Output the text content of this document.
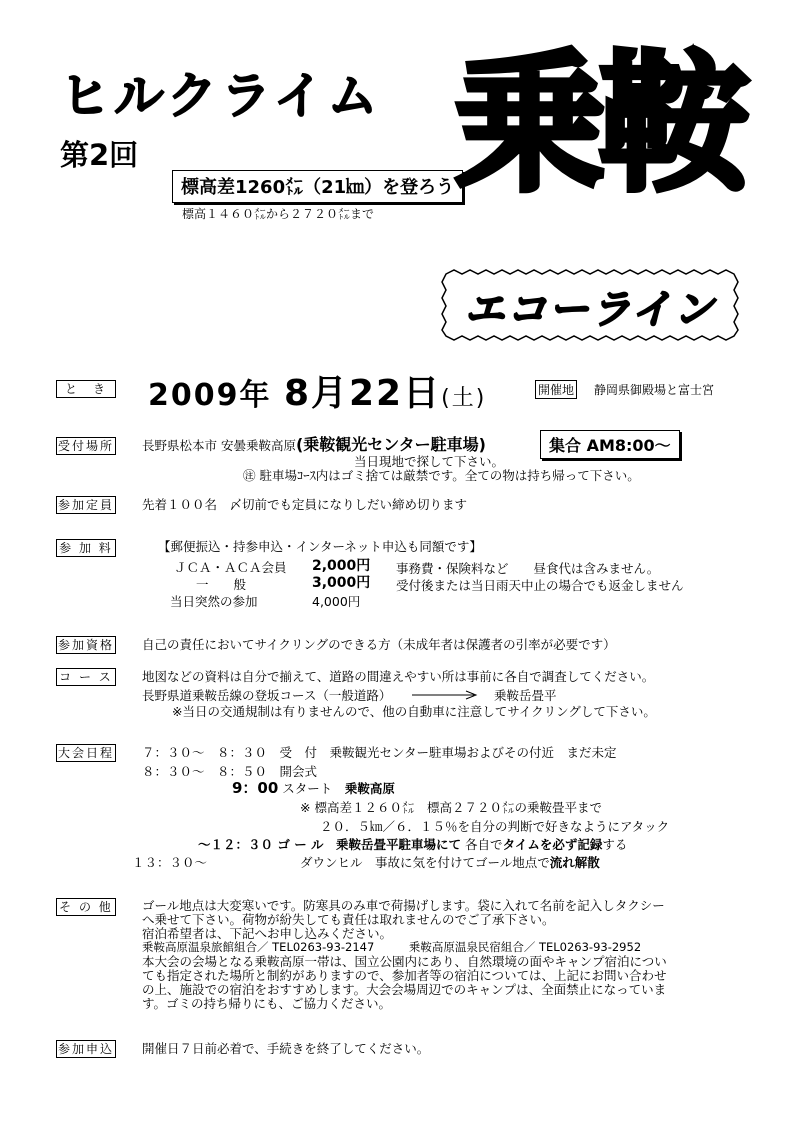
ヒルクライム
第2回
標高差1260㍍（21㎞）を登ろう
標高１４６０㍍から２７２０㍍まで
乗鞍
エコーライン
と　き	2009年 8月22日(土)	開催地 静岡県御殿場と富士宮
受付場所 長野県松本市 安曇乗鞍高原(乗鞍観光センター駐車場)	集合 AM8:00～
当日現地で探して下さい。
㊟ 駐車場ｺｰｽ内はゴミ捨ては厳禁です。全ての物は持ち帰って下さい。
参加定員 先着１００名　〆切前でも定員になりしだい締め切ります
参 加 料	【郵便振込・持参申込・インターネット申込も同額です】
ＪＣＡ・ＡＣＡ会員 2,000円 事務費・保険料など　　昼食代は含みません。
一　　般	3,000円 受付後または当日雨天中止の場合でも返金しません
当日突然の参加	4,000円
参加資格 自己の責任においてサイクリングのできる方（未成年者は保護者の引率が必要です）
コ ー ス 地図などの資料は自分で揃えて、道路の間違えやすい所は事前に各自で調査してください。
長野県道乗鞍岳線の登坂コース（一般道路）	乗鞍岳畳平
※当日の交通規制は有りませんので、他の自動車に注意してサイクリングして下さい。
大会日程 ７：３０～　８：３０　受　付　乗鞍観光センター駐車場およびその付近　まだ未定
８：３０～　８：５０　開会式
9：00 スタート　乗鞍高原
※ 標高差１２６０㍍　標高２７２０㍍の乗鞍畳平まで
２０．５㎞／６．１５％を自分の判断で好きなようにアタック
～１２：３０ ゴ ー ル　乗鞍岳畳平駐車場にて 各自でタイムを必ず記録する
１３：３０～	ダウンヒル　事故に気を付けてゴール地点で流れ解散
そ の 他 ゴール地点は大変寒いです。防寒具のみ車で荷揚げします。袋に入れて名前を記入しタクシー
へ乗せて下さい。荷物が紛失しても責任は取れませんのでご了承下さい。
宿泊希望者は、下記へお申し込みください。
乗鞍高原温泉旅館組合／ TEL0263-93-2147　　　乗鞍高原温泉民宿組合／ TEL0263-93-2952
本大会の会場となる乗鞍高原一帯は、国立公園内にあり、自然環境の面やキャンプ宿泊につい
ても指定された場所と制約がありますので、参加者等の宿泊については、上記にお問い合わせ
の上、施設での宿泊をおすすめします。大会会場周辺でのキャンプは、全面禁止になっていま
す。ゴミの持ち帰りにも、ご協力ください。
参加申込 開催日７日前必着で、手続きを終了してください。
